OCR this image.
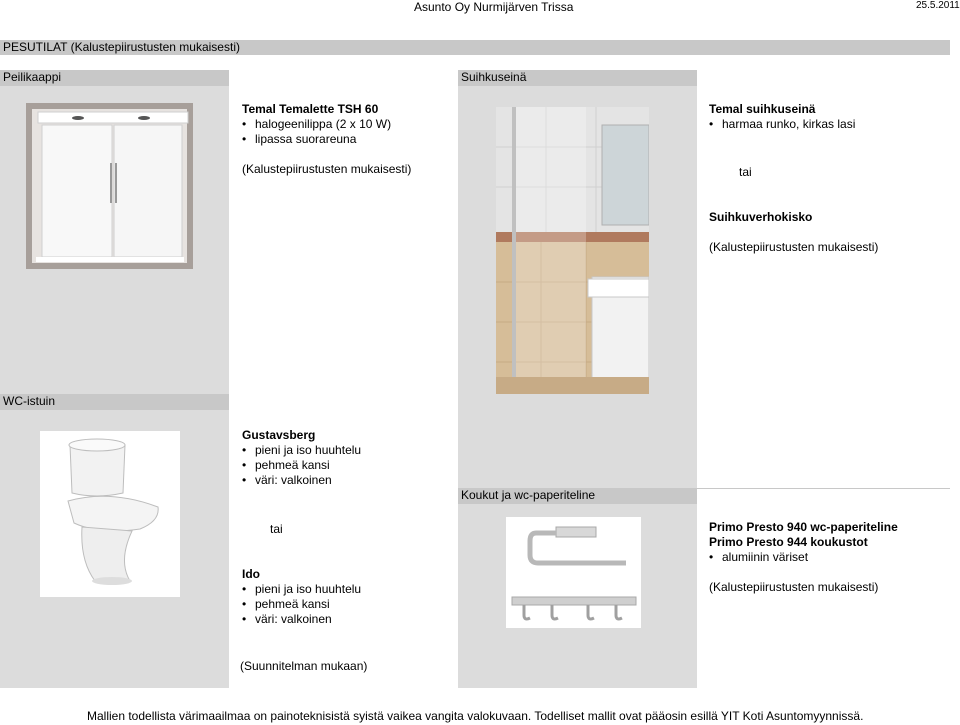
Asunto Oy Nurmijärven Trissa	25.5.2011
PESUTILAT (Kalustepiirustusten mukaisesti)
Peilikaappi	Suihkuseinä
WC-istuin
Koukut ja wc-paperiteline
Temal Temalette TSH 60
• halogeenilippa (2 x 10 W)
• lipassa suorareuna
(Kalustepiirustusten mukaisesti)
Temal suihkuseinä
• harmaa runko, kirkas lasi
tai
Suihkuverhokisko
(Kalustepiirustusten mukaisesti)
Gustavsberg
• pieni ja iso huuhtelu
• pehmeä kansi
• väri: valkoinen
tai
Ido
• pieni ja iso huuhtelu
• pehmeä kansi
• väri: valkoinen
(Suunnitelman mukaan)
Primo Presto 940 wc-paperiteline
Primo Presto 944 koukustot
• alumiinin väriset
(Kalustepiirustusten mukaisesti)
Mallien todellista värimaailmaa on painoteknisistä syistä vaikea vangita valokuvaan. Todelliset mallit ovat pääosin esillä YIT Koti Asuntomyynnissä.
